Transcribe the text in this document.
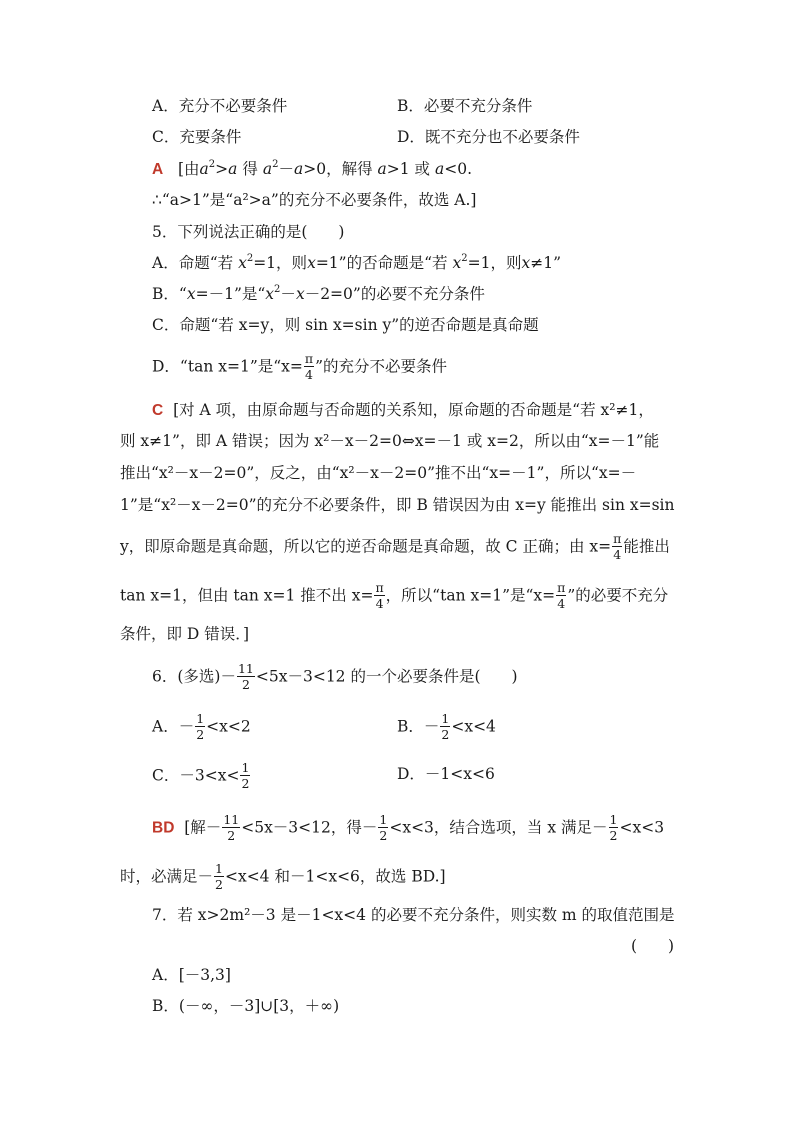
A．充分不必要条件	B．必要不充分条件
C．充要条件	D．既不充分也不必要条件
A [由$a^2>a$ 得 $a^2-a>0$，解得 a>1 或 a<0.
∴“a>1”是“a²>a”的充分不必要条件，故选 A.]
5．下列说法正确的是(　　)
A．命题“若 $x^2=1$，则x=1”的否命题是“若 $x^2=1$，则x≠1”
B．“x=－1”是“$x^2-x-2=0$”的必要不充分条件
C．命题“若 x=y，则 sin x=sin y”的逆否命题是真命题
D．“tan x=1”是“$x= \frac{\pi}{4}$ ”的充分不必要条件
C [对 A 项，由原命题与否命题的关系知，原命题的否命题是“若 x²≠1，
则 x≠1”，即 A 错误；因为 x²－x－2=0⇔x=－1 或 x=2，所以由“x=－1”能
推出“x²－x－2=0”，反之，由“x²－x－2=0”推不出“x=－1”，所以“x=－
1”是“x²－x－2=0”的充分不必要条件，即 B 错误因为由 x=y 能推出 sin x=sin
y，即原命题是真命题，所以它的逆否命题是真命题，故 C 正确；由 $x= \frac{\pi}{4}$ 能推出
tan x=1，但由 tan x=1 推不出 $x= \frac{\pi}{4}$ ，所以“tan x=1”是“$x= \frac{\pi}{4}$ ”的必要不充分
条件，即 D 错误．]
6．(多选)－ $\frac{11}{2} <5x-3<12$ 的一个必要条件是(　　)
A．－ $\frac{1}{2} <x<2$	B．－ $\frac{1}{2} <x<4$
C．$-3<x< \frac{1}{2}$	D．－1<x<6
BD [解－ $\frac{11}{2} <5x-3<12$，得－ $\frac{1}{2} <x<3$，结合选项，当 x 满足－ $\frac{1}{2} <x<3$
时，必满足－ $\frac{1}{2} <x<4$ 和－1<x<6，故选 BD.]
7．若 x>2m²－3 是－1<x<4 的必要不充分条件，则实数 m 的取值范围是
(　　)
A．[－3,3]
B．(－∞，－3]∪[3，＋∞)
